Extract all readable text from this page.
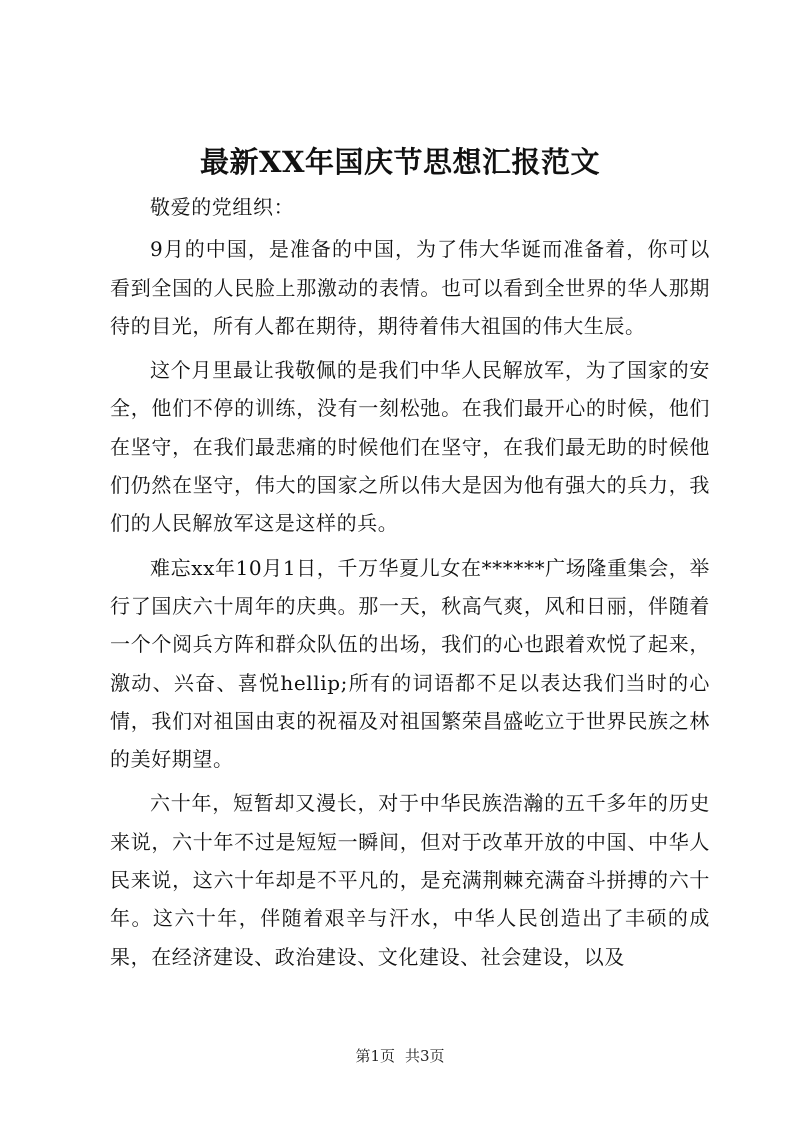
最新XX年国庆节思想汇报范文

敬爱的党组织：

9月的中国，是准备的中国，为了伟大华诞而准备着，你可以看到全国的人民脸上那激动的表情。也可以看到全世界的华人那期待的目光，所有人都在期待，期待着伟大祖国的伟大生辰。

这个月里最让我敬佩的是我们中华人民解放军，为了国家的安全，他们不停的训练，没有一刻松弛。在我们最开心的时候，他们在坚守，在我们最悲痛的时候他们在坚守，在我们最无助的时候他们仍然在坚守，伟大的国家之所以伟大是因为他有强大的兵力，我们的人民解放军这是这样的兵。

难忘xx年10月1日，千万华夏儿女在******广场隆重集会，举行了国庆六十周年的庆典。那一天，秋高气爽，风和日丽，伴随着一个个阅兵方阵和群众队伍的出场，我们的心也跟着欢悦了起来，激动、兴奋、喜悦hellip;所有的词语都不足以表达我们当时的心情，我们对祖国由衷的祝福及对祖国繁荣昌盛屹立于世界民族之林的美好期望。

六十年，短暂却又漫长，对于中华民族浩瀚的五千多年的历史来说，六十年不过是短短一瞬间，但对于改革开放的中国、中华人民来说，这六十年却是不平凡的，是充满荆棘充满奋斗拼搏的六十年。这六十年，伴随着艰辛与汗水，中华人民创造出了丰硕的成果，在经济建设、政治建设、文化建设、社会建设，以及

第1页 共3页
